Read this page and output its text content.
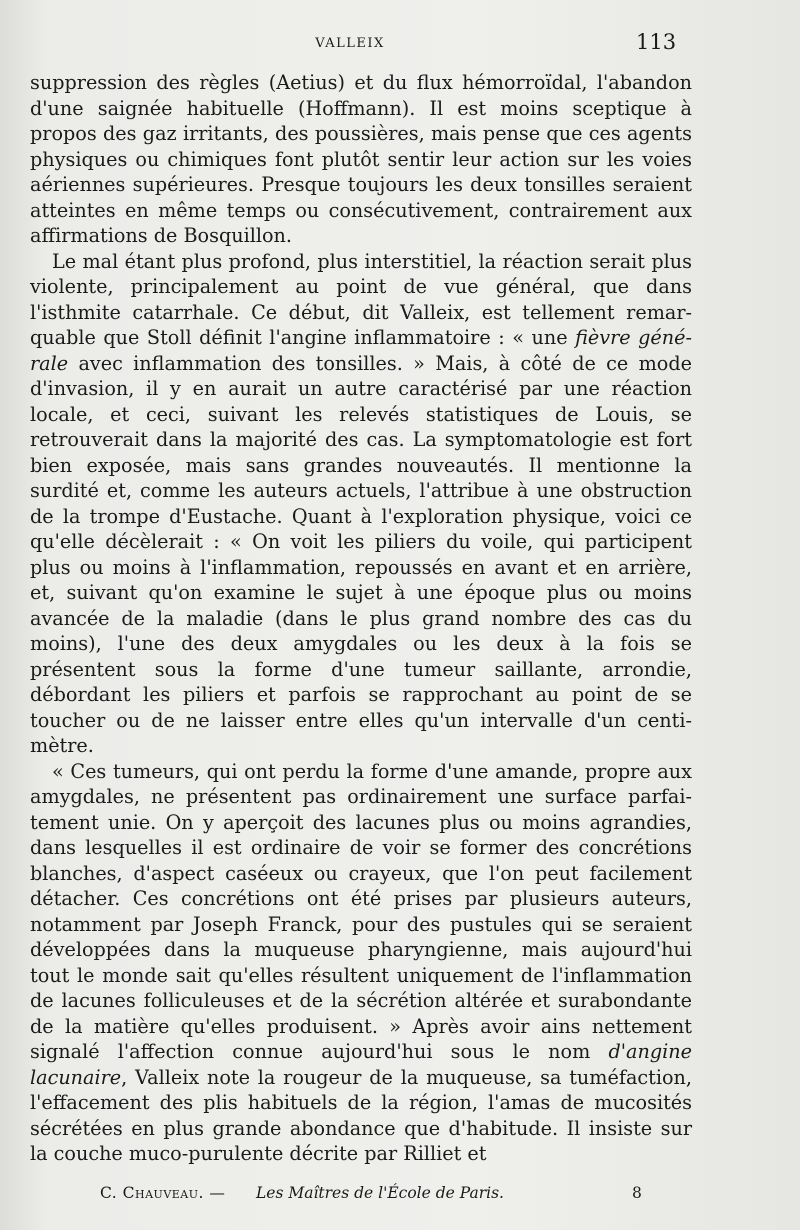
VALLEIX	113

suppression des règles (Aetius) et du flux hémorroïdal, l'abandon d'une saignée habituelle (Hoffmann). Il est moins sceptique à propos des gaz irritants, des poussières, mais pense que ces agents physiques ou chimiques font plutôt sentir leur action sur les voies aériennes supérieures. Presque toujours les deux tonsilles seraient atteintes en même temps ou consécutivement, contrairement aux affirmations de Bosquillon.

Le mal étant plus profond, plus interstitiel, la réaction serait plus violente, principalement au point de vue général, que dans l'isthmite catarrhale. Ce début, dit Valleix, est tellement remarquable que Stoll définit l'angine inflammatoire : « une fièvre générale avec inflammation des tonsilles. » Mais, à côté de ce mode d'invasion, il y en aurait un autre caractérisé par une réaction locale, et ceci, suivant les relevés statistiques de Louis, se retrouverait dans la majorité des cas. La symptomatologie est fort bien exposée, mais sans grandes nouveautés. Il mentionne la surdité et, comme les auteurs actuels, l'attribue à une obstruction de la trompe d'Eustache. Quant à l'exploration physique, voici ce qu'elle décèlerait : « On voit les piliers du voile, qui participent plus ou moins à l'inflammation, repoussés en avant et en arrière, et, suivant qu'on examine le sujet à une époque plus ou moins avancée de la maladie (dans le plus grand nombre des cas du moins), l'une des deux amygdales ou les deux à la fois se présentent sous la forme d'une tumeur saillante, arrondie, débordant les piliers et parfois se rapprochant au point de se toucher ou de ne laisser entre elles qu'un intervalle d'un centimètre.

« Ces tumeurs, qui ont perdu la forme d'une amande, propre aux amygdales, ne présentent pas ordinairement une surface parfaitement unie. On y aperçoit des lacunes plus ou moins agrandies, dans lesquelles il est ordinaire de voir se former des concrétions blanches, d'aspect caséeux ou crayeux, que l'on peut facilement détacher. Ces concrétions ont été prises par plusieurs auteurs, notamment par Joseph Franck, pour des pustules qui se seraient développées dans la muqueuse pharyngienne, mais aujourd'hui tout le monde sait qu'elles résultent uniquement de l'inflammation de lacunes folliculeuses et de la sécrétion altérée et surabondante de la matière qu'elles produisent. » Après avoir ains nettement signalé l'affection connue aujourd'hui sous le nom d'angine lacunaire, Valleix note la rougeur de la muqueuse, sa tuméfaction, l'effacement des plis habituels de la région, l'amas de mucosités sécrétées en plus grande abondance que d'habitude. Il insiste sur la couche muco-purulente décrite par Rilliet et

C. Chauveau. — Les Maîtres de l'École de Paris.	8
